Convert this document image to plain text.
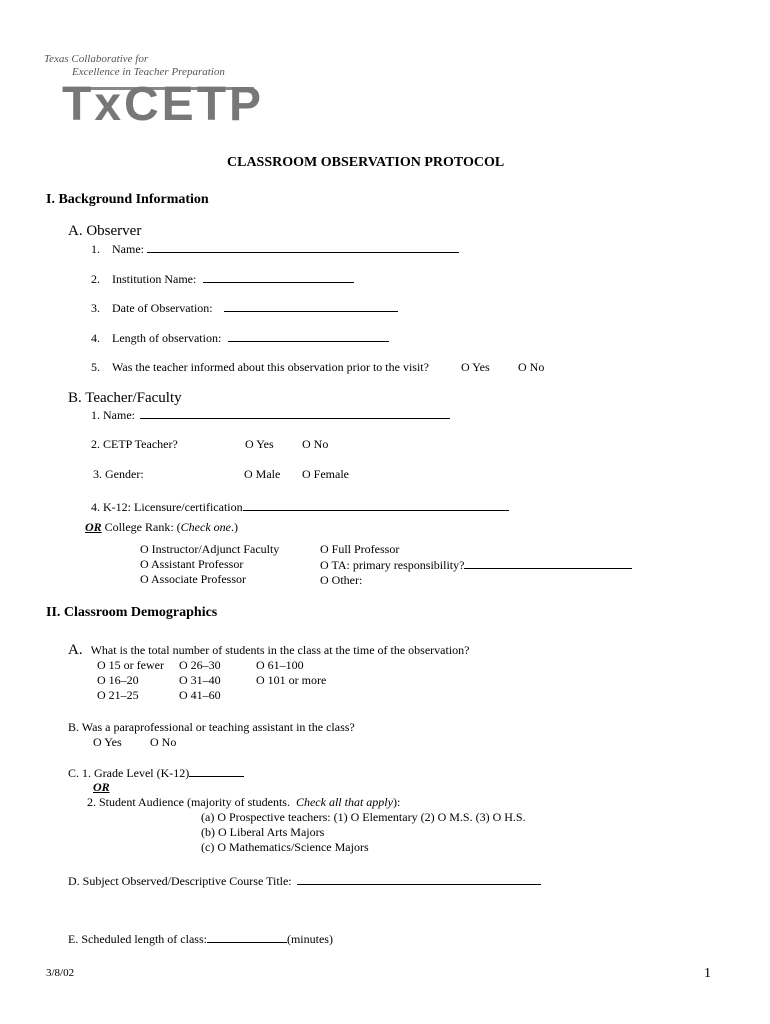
Texas Collaborative for
Excellence in Teacher Preparation
TxCETP
CLASSROOM OBSERVATION PROTOCOL
I. Background Information
A. Observer
1. Name:
2. Institution Name:
3. Date of Observation:
4. Length of observation:
5. Was the teacher informed about this observation prior to the visit?	O Yes O No
B. Teacher/Faculty
1. Name:
2. CETP Teacher?	O Yes O No
3. Gender:	O Male O Female
4. K-12: Licensure/certification
OR College Rank: (Check one.)
O Instructor/Adjunct Faculty
O Assistant Professor
O Associate Professor
O Full Professor
O TA: primary responsibility?
O Other:
II. Classroom Demographics
A. What is the total number of students in the class at the time of the observation?
O 15 or fewer
O 16–20
O 21–25
O 26–30
O 31–40
O 41–60
O 61–100
O 101 or more
B. Was a paraprofessional or teaching assistant in the class?
O Yes O No
C. 1. Grade Level (K-12)
OR
2. Student Audience (majority of students. Check all that apply):
(a) O Prospective teachers: (1) O Elementary (2) O M.S. (3) O H.S.
(b) O Liberal Arts Majors
(c) O Mathematics/Science Majors
D. Subject Observed/Descriptive Course Title:
E. Scheduled length of class:	(minutes)
3/8/02	1
